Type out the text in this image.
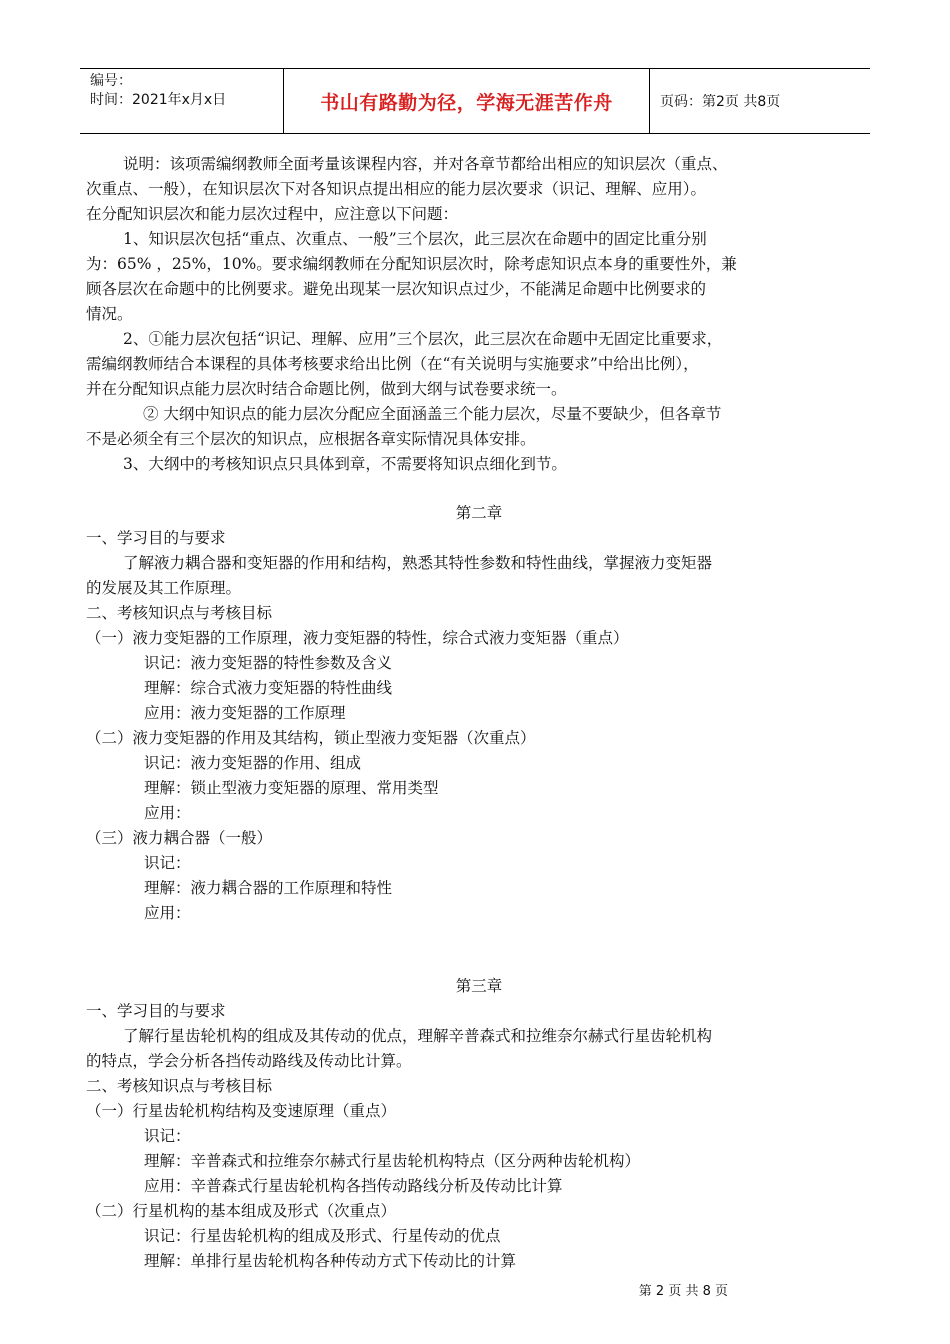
编号：
时间：2021年x月x日	书山有路勤为径，学海无涯苦作舟	页码：第2页 共8页

说明：该项需编纲教师全面考量该课程内容，并对各章节都给出相应的知识层次（重点、

次重点、一般），在知识层次下对各知识点提出相应的能力层次要求（识记、理解、应用）。

在分配知识层次和能力层次过程中，应注意以下问题：

1、知识层次包括“重点、次重点、一般”三个层次，此三层次在命题中的固定比重分别

为：65% ，25%，10%。要求编纲教师在分配知识层次时，除考虑知识点本身的重要性外，兼

顾各层次在命题中的比例要求。避免出现某一层次知识点过少，不能满足命题中比例要求的

情况。

2、①能力层次包括“识记、理解、应用”三个层次，此三层次在命题中无固定比重要求，

需编纲教师结合本课程的具体考核要求给出比例（在“有关说明与实施要求”中给出比例），

并在分配知识点能力层次时结合命题比例，做到大纲与试卷要求统一。

② 大纲中知识点的能力层次分配应全面涵盖三个能力层次，尽量不要缺少，但各章节

不是必须全有三个层次的知识点，应根据各章实际情况具体安排。

3、大纲中的考核知识点只具体到章，不需要将知识点细化到节。

第二章

一、学习目的与要求

了解液力耦合器和变矩器的作用和结构，熟悉其特性参数和特性曲线，掌握液力变矩器

的发展及其工作原理。

二、考核知识点与考核目标

（一）液力变矩器的工作原理，液力变矩器的特性，综合式液力变矩器（重点）

识记：液力变矩器的特性参数及含义

理解：综合式液力变矩器的特性曲线

应用：液力变矩器的工作原理

（二）液力变矩器的作用及其结构，锁止型液力变矩器（次重点）

识记：液力变矩器的作用、组成

理解：锁止型液力变矩器的原理、常用类型

应用：

（三）液力耦合器（一般）

识记：

理解：液力耦合器的工作原理和特性

应用：

第三章

一、学习目的与要求

了解行星齿轮机构的组成及其传动的优点，理解辛普森式和拉维奈尔赫式行星齿轮机构

的特点，学会分析各挡传动路线及传动比计算。

二、考核知识点与考核目标

（一）行星齿轮机构结构及变速原理（重点）

识记：

理解：辛普森式和拉维奈尔赫式行星齿轮机构特点（区分两种齿轮机构）

应用：辛普森式行星齿轮机构各挡传动路线分析及传动比计算

（二）行星机构的基本组成及形式（次重点）

识记：行星齿轮机构的组成及形式、行星传动的优点

理解：单排行星齿轮机构各种传动方式下传动比的计算

第 2 页 共 8 页
